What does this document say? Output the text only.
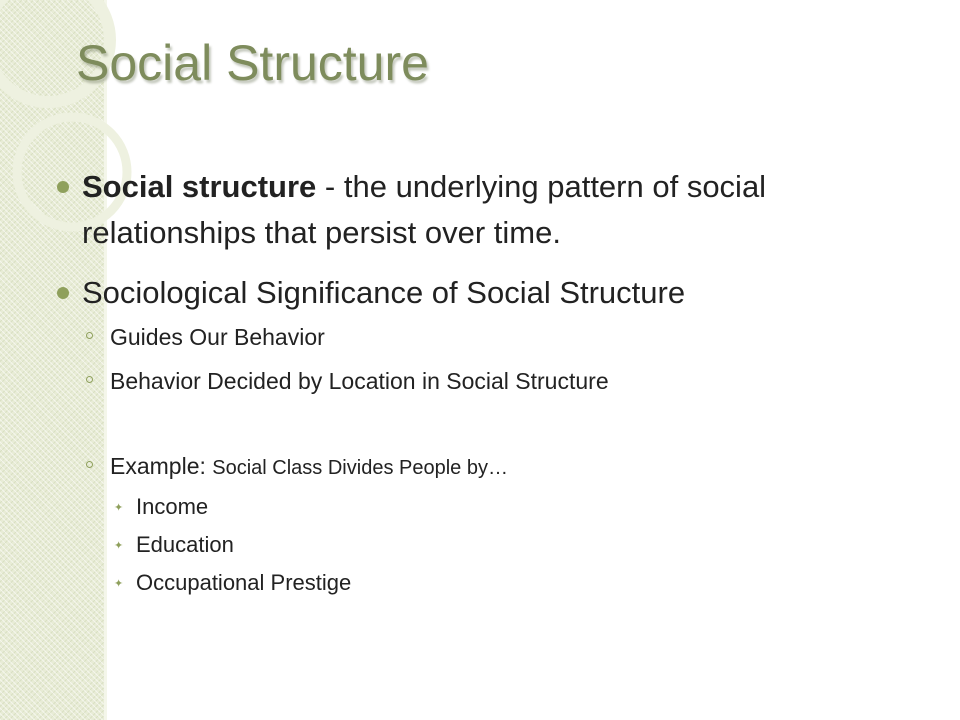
Social Structure
Social structure - the underlying pattern of social relationships that persist over time.
Sociological Significance of Social Structure
Guides Our Behavior
Behavior Decided by Location in Social Structure
Example: Social Class Divides People by…
✦ Income
✦ Education
✦ Occupational Prestige
